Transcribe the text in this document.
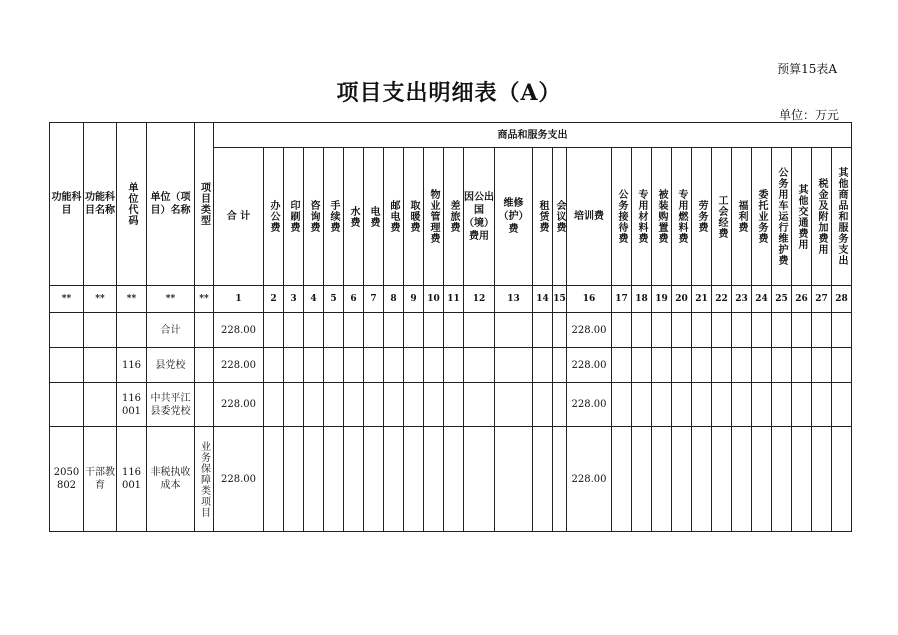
预算15表A
项目支出明细表（A）
单位：万元
功能科目	功能科目名称	单位代码	单位（项目）名称	项目类型	商品和服务支出																											
					合 计	办公费	印刷费	咨询费	手续费	水费	电费	邮电费	取暖费	物业管理费	差旅费	因公出国（境）费用	维修（护）费	租赁费	会议费	培训费	公务接待费	专用材料费	被装购置费	专用燃料费	劳务费	工会经费	福利费	委托业务费	公务用车运行维护费	其他交通费用	税金及附加费用	其他商品和服务支出
**	**	**	**	**	1	2	3	4	5	6	7	8	9	10	11	12	13	14	15	16	17	18	19	20	21	22	23	24	25	26	27	28
			合计		228.00															228.00												
		116	县党校		228.00															228.00												
		116 001	中共平江县委党校		228.00															228.00												
2050 802	干部教育	116 001	非税执收成本	业务保障类项目	228.00															228.00												
